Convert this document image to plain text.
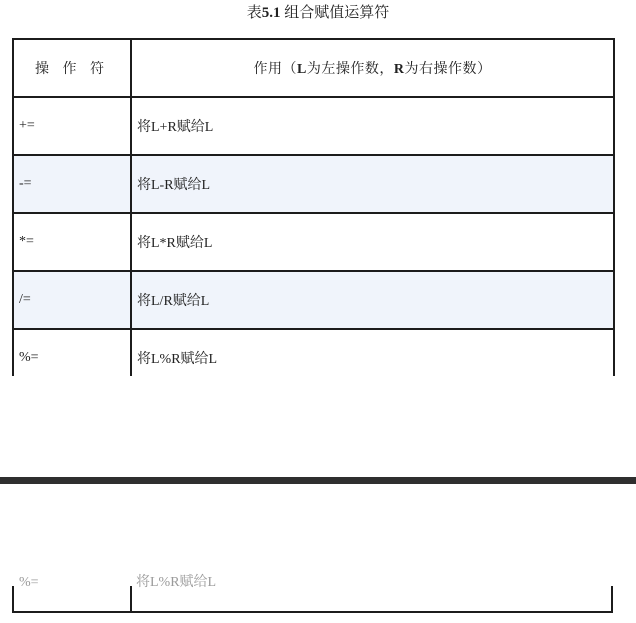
表5.1 组合赋值运算符
操 作 符	作用（L为左操作数，R为右操作数）
+=	将L+R赋给L
-=	将L-R赋给L
*=	将L*R赋给L
/=	将L/R赋给L
%=	将L%R赋给L
%=	将L%R赋给L
